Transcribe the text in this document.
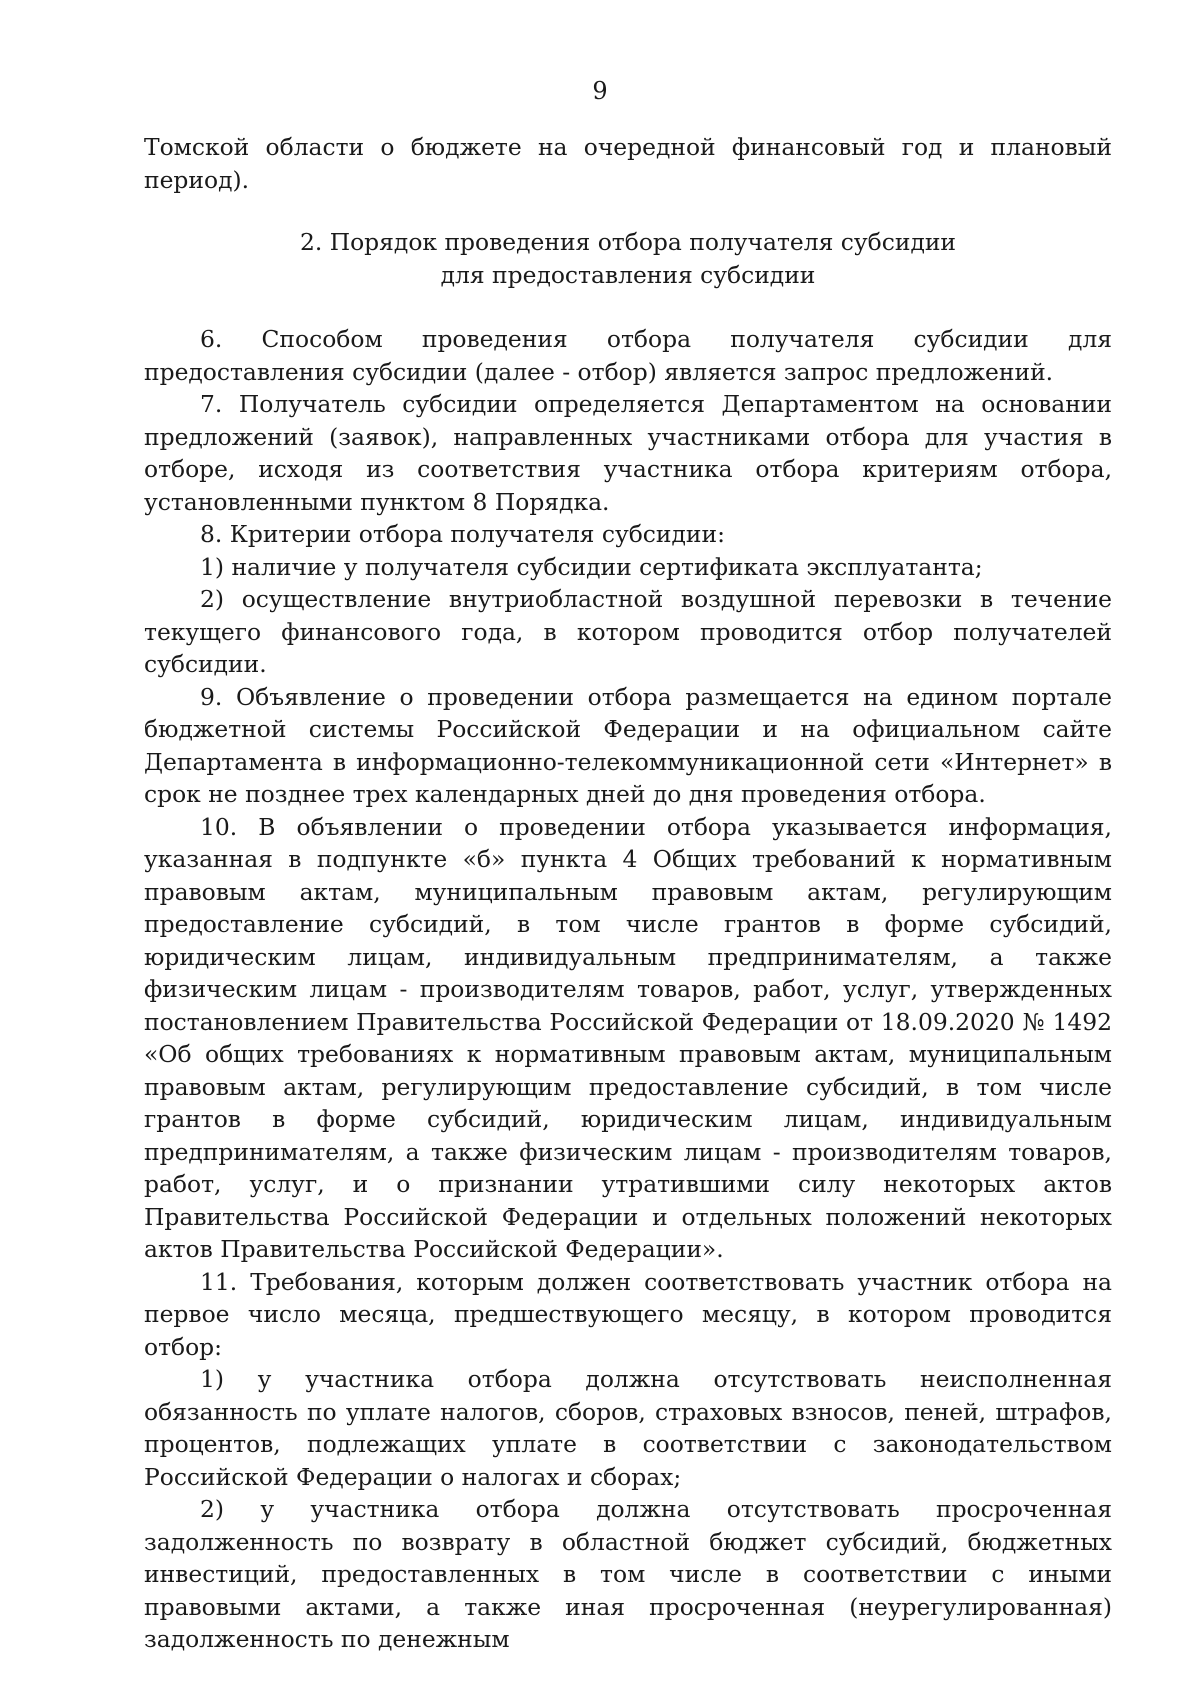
9

Томской области о бюджете на очередной финансовый год и плановый период).

2. Порядок проведения отбора получателя субсидии
для предоставления субсидии

6. Способом проведения отбора получателя субсидии для предоставления субсидии (далее - отбор) является запрос предложений.

7. Получатель субсидии определяется Департаментом на основании предложений (заявок), направленных участниками отбора для участия в отборе, исходя из соответствия участника отбора критериям отбора, установленными пунктом 8 Порядка.

8. Критерии отбора получателя субсидии:

1) наличие у получателя субсидии сертификата эксплуатанта;

2) осуществление внутриобластной воздушной перевозки в течение текущего финансового года, в котором проводится отбор получателей субсидии.

9. Объявление о проведении отбора размещается на едином портале бюджетной системы Российской Федерации и на официальном сайте Департамента в информационно-телекоммуникационной сети «Интернет» в срок не позднее трех календарных дней до дня проведения отбора.

10. В объявлении о проведении отбора указывается информация, указанная в подпункте «б» пункта 4 Общих требований к нормативным правовым актам, муниципальным правовым актам, регулирующим предоставление субсидий, в том числе грантов в форме субсидий, юридическим лицам, индивидуальным предпринимателям, а также физическим лицам - производителям товаров, работ, услуг, утвержденных постановлением Правительства Российской Федерации от 18.09.2020 № 1492 «Об общих требованиях к нормативным правовым актам, муниципальным правовым актам, регулирующим предоставление субсидий, в том числе грантов в форме субсидий, юридическим лицам, индивидуальным предпринимателям, а также физическим лицам - производителям товаров, работ, услуг, и о признании утратившими силу некоторых актов Правительства Российской Федерации и отдельных положений некоторых актов Правительства Российской Федерации».

11. Требования, которым должен соответствовать участник отбора на первое число месяца, предшествующего месяцу, в котором проводится отбор:

1) у участника отбора должна отсутствовать неисполненная обязанность по уплате налогов, сборов, страховых взносов, пеней, штрафов, процентов, подлежащих уплате в соответствии с законодательством Российской Федерации о налогах и сборах;

2) у участника отбора должна отсутствовать просроченная задолженность по возврату в областной бюджет субсидий, бюджетных инвестиций, предоставленных в том числе в соответствии с иными правовыми актами, а также иная просроченная (неурегулированная) задолженность по денежным
